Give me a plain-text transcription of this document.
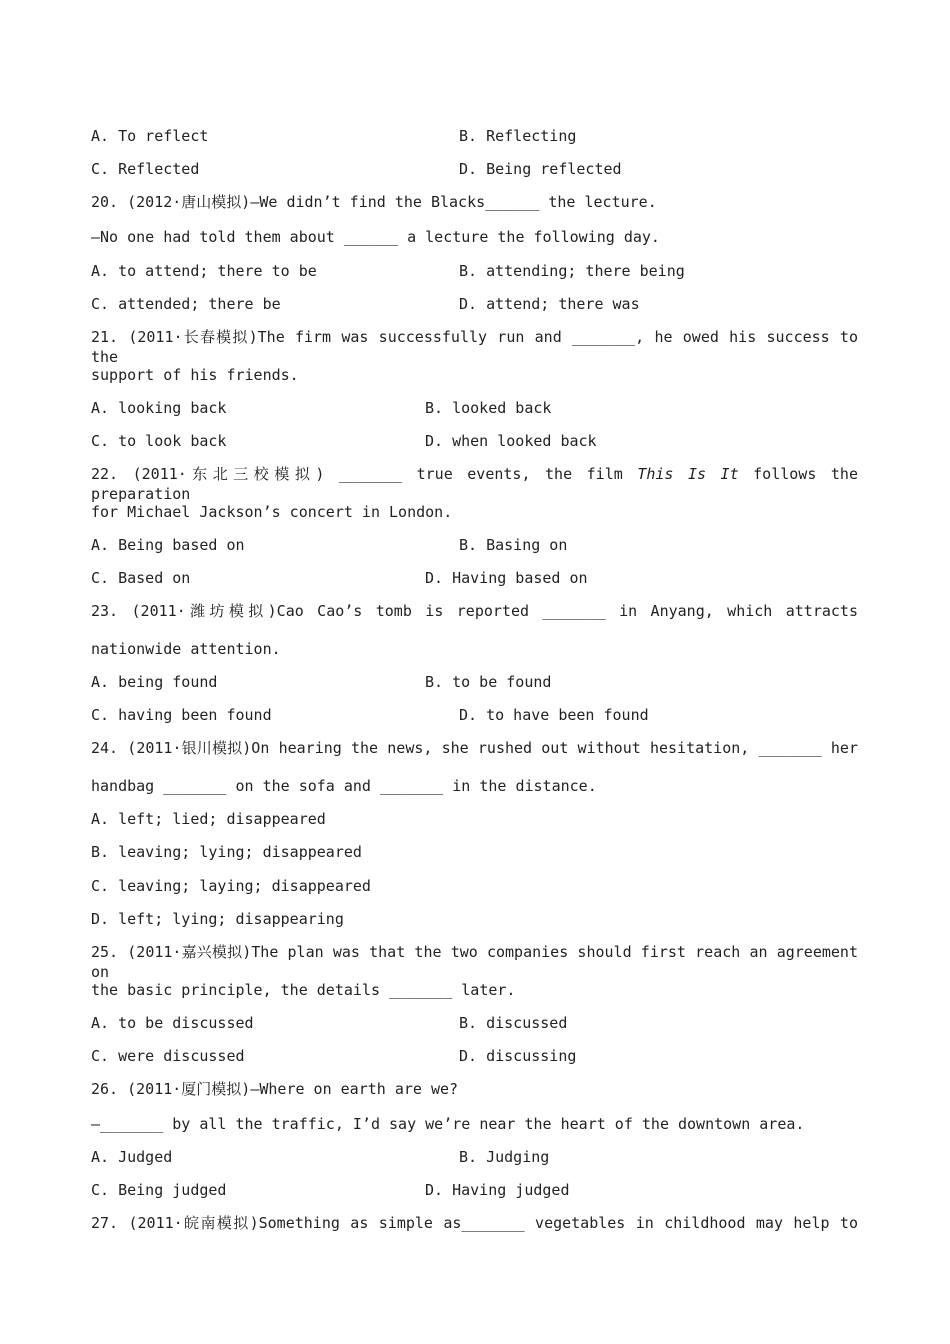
A. To reflect	B. Reflecting
C. Reflected	D. Being reflected
20. (2012·唐山模拟)—We didn’t find the Blacks______ the lecture.
—No one had told them about ______ a lecture the following day.
A. to attend; there to be	B. attending; there being
C. attended; there be	D. attend; there was
21. (2011·长春模拟)The firm was successfully run and _______, he owed his success to the
support of his friends.
A. looking back	B. looked back
C. to look back	D. when looked back
22. (2011·东北三校模拟) _______ true events, the film This Is It follows the preparation
for Michael Jackson’s concert in London.
A. Being based on	B. Basing on
C. Based on	D. Having based on
23. (2011·潍坊模拟)Cao Cao’s tomb is reported _______ in Anyang, which attracts
nationwide attention.
A. being found	B. to be found
C. having been found	D. to have been found
24. (2011·银川模拟)On hearing the news, she rushed out without hesitation, _______ her
handbag _______ on the sofa and _______ in the distance.
A. left; lied; disappeared
B. leaving; lying; disappeared
C. leaving; laying; disappeared
D. left; lying; disappearing
25. (2011·嘉兴模拟)The plan was that the two companies should first reach an agreement on
the basic principle, the details _______ later.
A. to be discussed	B. discussed
C. were discussed	D. discussing
26. (2011·厦门模拟)—Where on earth are we?
—_______ by all the traffic, I’d say we’re near the heart of the downtown area.
A. Judged	B. Judging
C. Being judged	D. Having judged
27. (2011·皖南模拟)Something as simple as_______ vegetables in childhood may help to
